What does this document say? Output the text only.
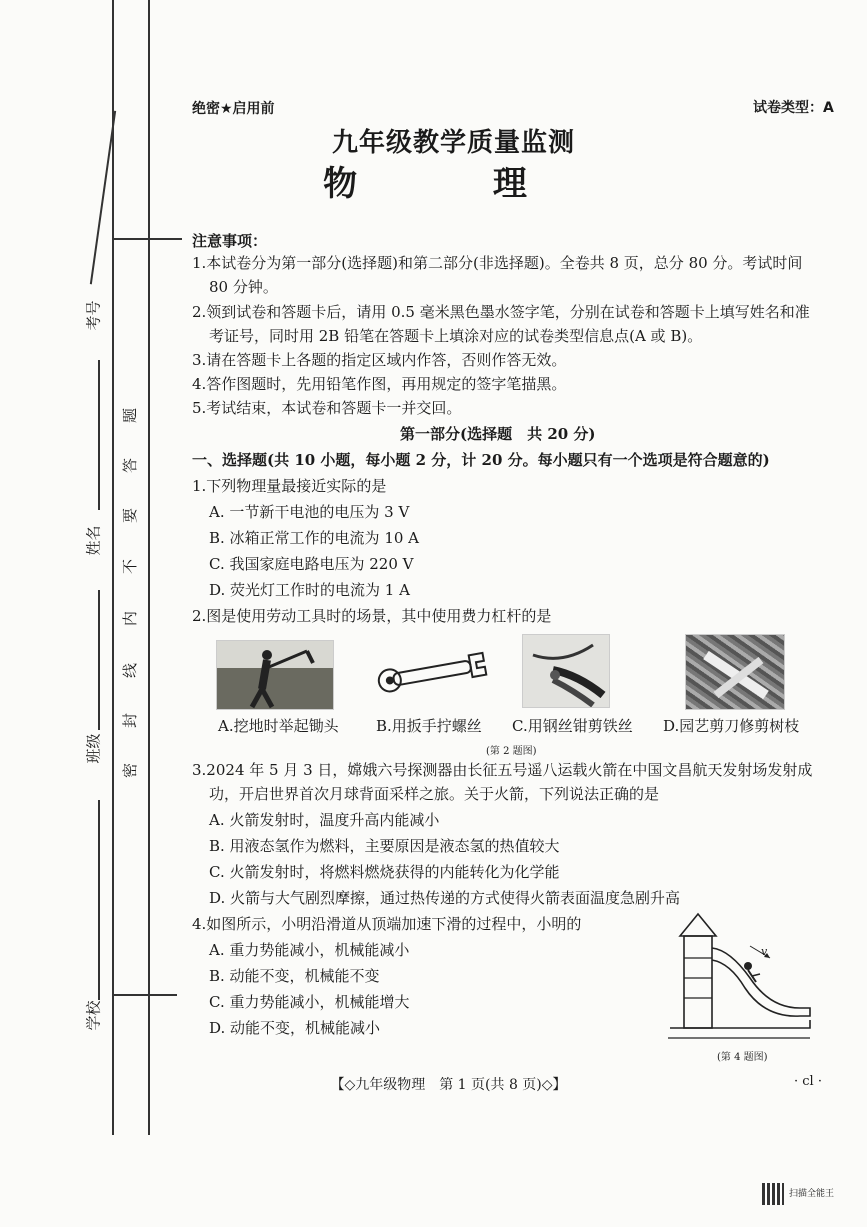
考号
姓名
班级
学校
题
答
要
不
内
线
封
密
绝密★启用前	试卷类型：A
九年级教学质量监测
物 理
注意事项：
1.本试卷分为第一部分(选择题)和第二部分(非选择题)。全卷共 8 页，总分 80 分。考试时间
80 分钟。
2.领到试卷和答题卡后，请用 0.5 毫米黑色墨水签字笔，分别在试卷和答题卡上填写姓名和准
考证号，同时用 2B 铅笔在答题卡上填涂对应的试卷类型信息点(A 或 B)。
3.请在答题卡上各题的指定区域内作答，否则作答无效。
4.答作图题时，先用铅笔作图，再用规定的签字笔描黑。
5.考试结束，本试卷和答题卡一并交回。
第一部分(选择题　共 20 分)
一、选择题(共 10 小题，每小题 2 分，计 20 分。每小题只有一个选项是符合题意的)
1.下列物理量最接近实际的是
A. 一节新干电池的电压为 3 V
B. 冰箱正常工作的电流为 10 A
C. 我国家庭电路电压为 220 V
D. 荧光灯工作时的电流为 1 A
2.图是使用劳动工具时的场景，其中使用费力杠杆的是
A.挖地时举起锄头 B.用扳手拧螺丝 C.用钢丝钳剪铁丝 D.园艺剪刀修剪树枝
(第 2 题图)
3.2024 年 5 月 3 日，嫦娥六号探测器由长征五号遥八运载火箭在中国文昌航天发射场发射成
功，开启世界首次月球背面采样之旅。关于火箭，下列说法正确的是
A. 火箭发射时，温度升高内能减小
B. 用液态氢作为燃料，主要原因是液态氢的热值较大
C. 火箭发射时，将燃料燃烧获得的内能转化为化学能
D. 火箭与大气剧烈摩擦，通过热传递的方式使得火箭表面温度急剧升高
4.如图所示，小明沿滑道从顶端加速下滑的过程中，小明的
A. 重力势能减小，机械能减小
B. 动能不变，机械能不变
C. 重力势能减小，机械能增大
D. 动能不变，机械能减小
v
(第 4 题图)
【◇九年级物理　第 1 页(共 8 页)◇】	· cl ·
扫描全能王
